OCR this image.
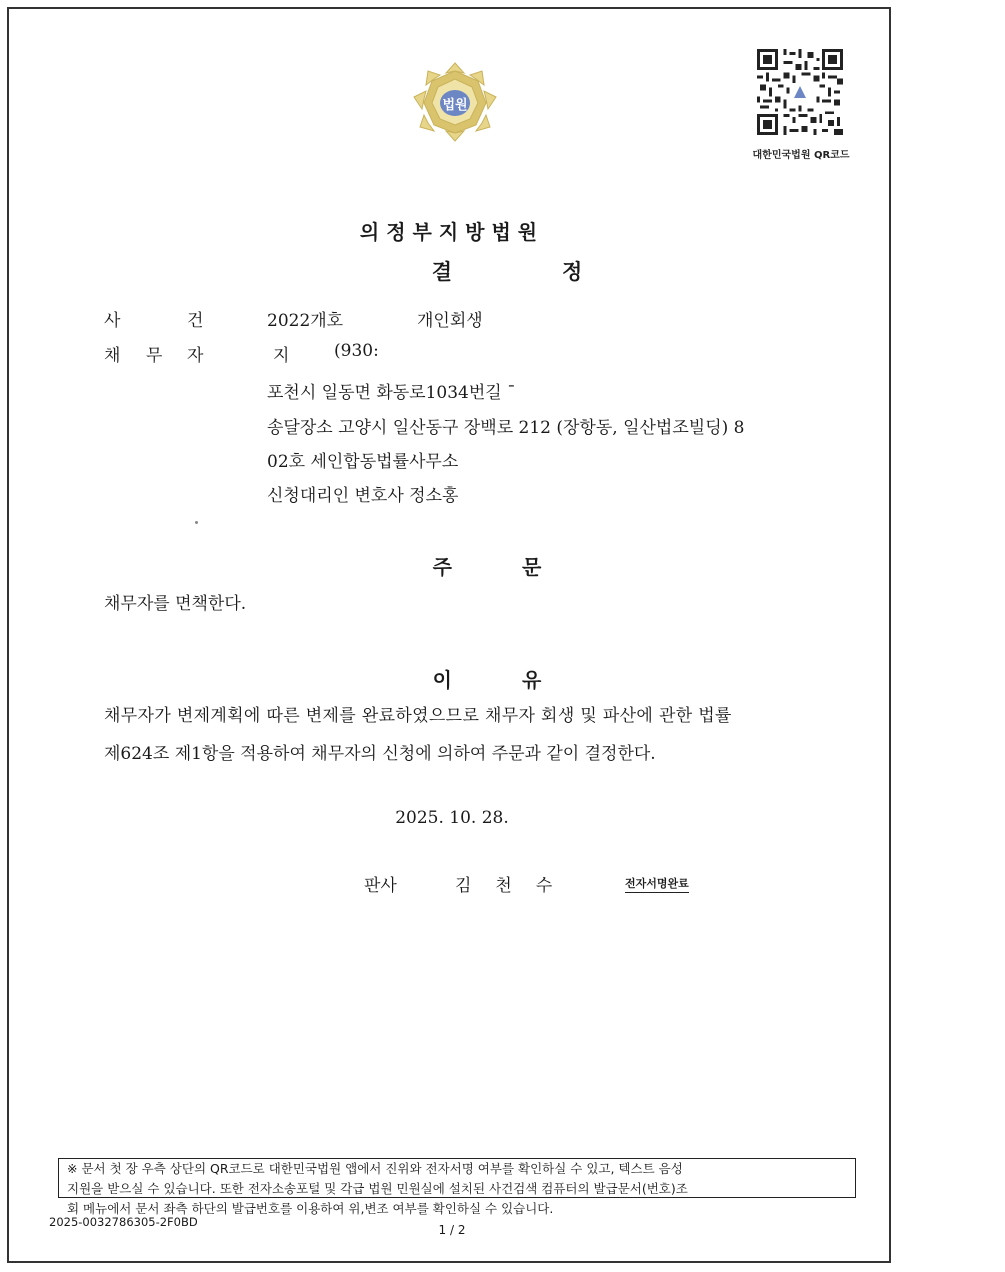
법원
대한민국법원 QR코드
의정부지방법원
결정
사	건	2022개호	개인회생
채 무 자	지	(930:
포천시 일동면 화동로1034번길 ˉ
송달장소 고양시 일산동구 장백로 212 (장항동, 일산법조빌딩) 8
02호 세인합동법률사무소
신청대리인 변호사 정소홍
주문
채무자를 면책한다.
이유
채무자가 변제계획에 따른 변제를 완료하였으므로 채무자 회생 및 파산에 관한 법률
제624조 제1항을 적용하여 채무자의 신청에 의하여 주문과 같이 결정한다.
2025. 10. 28.
판사	김천수	전자서명완료
※ 문서 첫 장 우측 상단의 QR코드로 대한민국법원 앱에서 진위와 전자서명 여부를 확인하실 수 있고, 텍스트 음성
지원을 받으실 수 있습니다. 또한 전자소송포털 및 각급 법원 민원실에 설치된 사건검색 컴퓨터의 발급문서(번호)조
회 메뉴에서 문서 좌측 하단의 발급번호를 이용하여 위,변조 여부를 확인하실 수 있습니다.
2025-0032786305-2F0BD
1 / 2
